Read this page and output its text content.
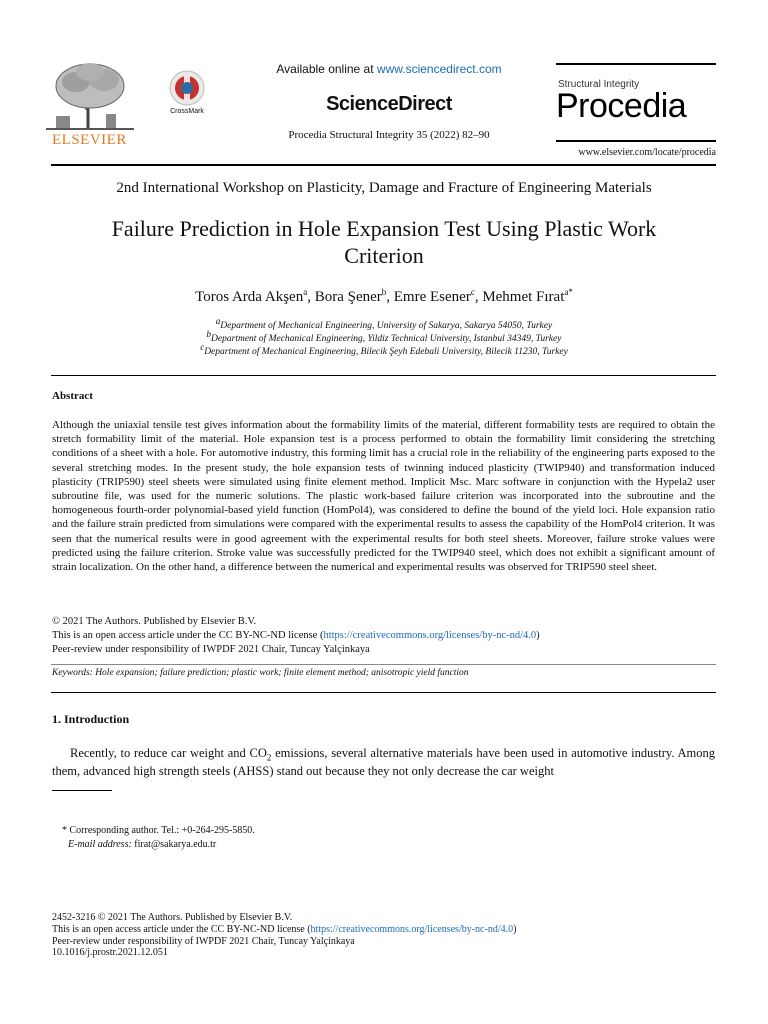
ELSEVIER
CrossMark
Available online at www.sciencedirect.com
ScienceDirect
Procedia Structural Integrity 35 (2022) 82–90
Structural Integrity
Procedia
www.elsevier.com/locate/procedia
2nd International Workshop on Plasticity, Damage and Fracture of Engineering Materials
Failure Prediction in Hole Expansion Test Using Plastic Work
Criterion
Toros Arda Akşen$^a$, Bora Şener$^b$, Emre Esener$^c$, Mehmet Fırat$^{a*}$
$^a$Department of Mechanical Engineering, University of Sakarya, Sakarya 54050, Turkey
$^b$Department of Mechanical Engineering, Yildiz Technical University, Istanbul 34349, Turkey
$^c$Department of Mechanical Engineering, Bilecik Şeyh Edebali University, Bilecik 11230, Turkey
Abstract
Although the uniaxial tensile test gives information about the formability limits of the material, different formability tests are required to obtain the stretch formability limit of the material. Hole expansion test is a process performed to obtain the formability limit considering the stretching conditions of a sheet with a hole. For automotive industry, this forming limit has a crucial role in the reliability of the engineering parts exposed to the several stretching modes. In the present study, the hole expansion tests of twinning induced plasticity (TWIP940) and transformation induced plasticity (TRIP590) steel sheets were simulated using finite element method. Implicit Msc. Marc software in conjunction with the Hypela2 user subroutine file, was used for the numeric solutions. The plastic work-based failure criterion was incorporated into the subroutine and the homogeneous fourth-order polynomial-based yield function (HomPol4), was considered to define the bound of the yield loci. Hole expansion ratio and the failure strain predicted from simulations were compared with the experimental results to assess the capability of the HomPol4 criterion. It was seen that the numerical results were in good agreement with the experimental results for both steel sheets. Moreover, failure stroke values were predicted using the failure criterion. Stroke value was successfully predicted for the TWIP940 steel, which does not exhibit a significant amount of strain localization. On the other hand, a difference between the numerical and experimental results was observed for TRIP590 steel sheet.
© 2021 The Authors. Published by Elsevier B.V.
This is an open access article under the CC BY-NC-ND license (https://creativecommons.org/licenses/by-nc-nd/4.0)
Peer-review under responsibility of IWPDF 2021 Chair, Tuncay Yalçinkaya
Keywords: Hole expansion; failure prediction; plastic work; finite element method; anisotropic yield function
1. Introduction
Recently, to reduce car weight and $CO_2$ emissions, several alternative materials have been used in automotive industry. Among them, advanced high strength steels (AHSS) stand out because they not only decrease the car weight
* Corresponding author. Tel.: +0-264-295-5850.
E-mail address: firat@sakarya.edu.tr
2452-3216 © 2021 The Authors. Published by Elsevier B.V.
This is an open access article under the CC BY-NC-ND license (https://creativecommons.org/licenses/by-nc-nd/4.0)
Peer-review under responsibility of IWPDF 2021 Chair, Tuncay Yalçinkaya
10.1016/j.prostr.2021.12.051
